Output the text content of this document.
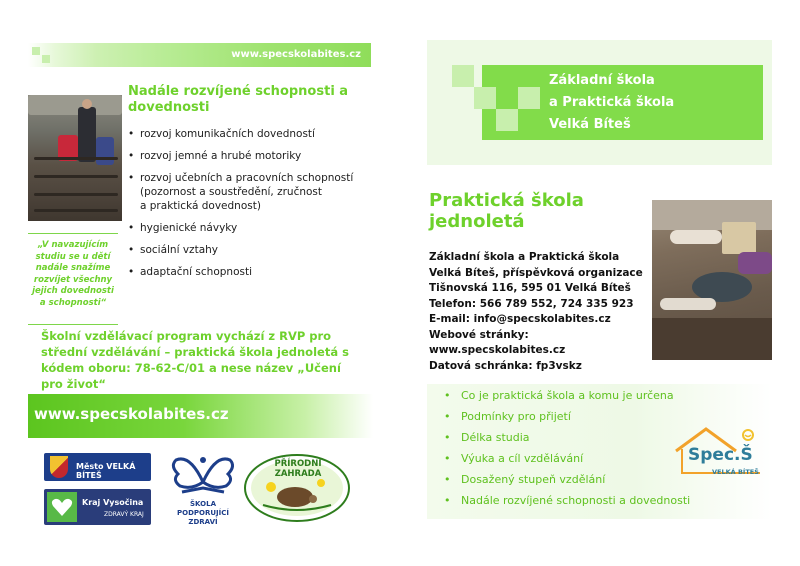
www.specskolabites.cz
Nadále rozvíjené schopnosti a dovednosti
• rozvoj komunikačních dovedností
• rozvoj jemné a hrubé motoriky
• rozvoj učebních a pracovních schopností
(pozornost a soustředění, zručnost
a praktická dovednost)
• hygienické návyky
• sociální vztahy
• adaptační schopnosti
„V navazujícím studiu se u dětí nadále snažíme rozvíjet všechny jejich dovednosti a schopnosti“
Školní vzdělávací program vychází z RVP pro střední vzdělávání – praktická škola jednoletá s kódem oboru: 78-62-C/01 a nese název „Učení pro život“
www.specskolabites.cz
Město VELKÁ BÍTEŠ
Kraj Vysočina
ZDRAVÝ KRAJ
ŠKOLA PODPORUJÍCÍ ZDRAVÍ
PŘÍRODNÍ ZAHRADA
Základní škola
a Praktická škola
Velká Bíteš
Praktická škola jednoletá
Základní škola a Praktická škola
Velká Bíteš, příspěvková organizace
Tišnovská 116, 595 01 Velká Bíteš
Telefon: 566 789 552, 724 335 923
E-mail: info@specskolabites.cz
Webové stránky:
www.specskolabites.cz
Datová schránka: fp3vskz
• Co je praktická škola a komu je určena
• Podmínky pro přijetí
• Délka studia
• Výuka a cíl vzdělávání
• Dosažený stupeň vzdělání
• Nadále rozvíjené schopnosti a dovednosti
Spec.Š
VELKÁ BÍTEŠ
